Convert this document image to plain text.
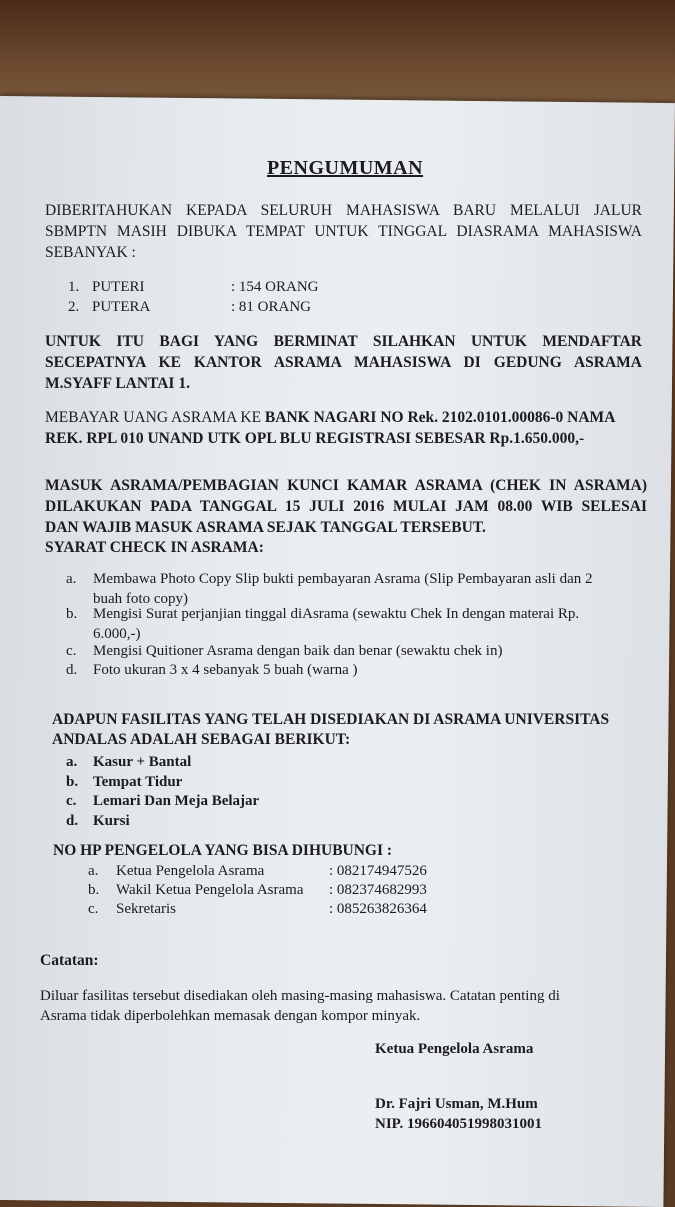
PENGUMUMAN
DIBERITAHUKAN KEPADA SELURUH MAHASISWA BARU MELALUI JALUR
SBMPTN MASIH DIBUKA TEMPAT UNTUK TINGGAL DIASRAMA MAHASISWA
SEBANYAK :
1. PUTERI	: 154 ORANG
2. PUTERA	: 81 ORANG
UNTUK ITU BAGI YANG BERMINAT SILAHKAN UNTUK MENDAFTAR
SECEPATNYA KE KANTOR ASRAMA MAHASISWA DI GEDUNG ASRAMA
M.SYAFF LANTAI 1.
MEBAYAR UANG ASRAMA KE BANK NAGARI NO Rek. 2102.0101.00086-0 NAMA
REK. RPL 010 UNAND UTK OPL BLU REGISTRASI SEBESAR Rp.1.650.000,-
MASUK ASRAMA/PEMBAGIAN KUNCI KAMAR ASRAMA (CHEK IN ASRAMA)
DILAKUKAN PADA TANGGAL 15 JULI 2016 MULAI JAM 08.00 WIB SELESAI
DAN WAJIB MASUK ASRAMA SEJAK TANGGAL TERSEBUT.
SYARAT CHECK IN ASRAMA:
a. Membawa Photo Copy Slip bukti pembayaran Asrama (Slip Pembayaran asli dan 2
buah foto copy)
b. Mengisi Surat perjanjian tinggal diAsrama (sewaktu Chek In dengan materai Rp.
6.000,-)
c. Mengisi Quitioner Asrama dengan baik dan benar (sewaktu chek in)
d. Foto ukuran 3 x 4 sebanyak 5 buah (warna )
ADAPUN FASILITAS YANG TELAH DISEDIAKAN DI ASRAMA UNIVERSITAS
ANDALAS ADALAH SEBAGAI BERIKUT:
a. Kasur + Bantal
b. Tempat Tidur
c. Lemari Dan Meja Belajar
d. Kursi
NO HP PENGELOLA YANG BISA DIHUBUNGI :
a. Ketua Pengelola Asrama	: 082174947526
b. Wakil Ketua Pengelola Asrama : 082374682993
c. Sekretaris	: 085263826364
Catatan:
Diluar fasilitas tersebut disediakan oleh masing-masing mahasiswa. Catatan penting di
Asrama tidak diperbolehkan memasak dengan kompor minyak.
Ketua Pengelola Asrama
Dr. Fajri Usman, M.Hum
NIP. 196604051998031001
